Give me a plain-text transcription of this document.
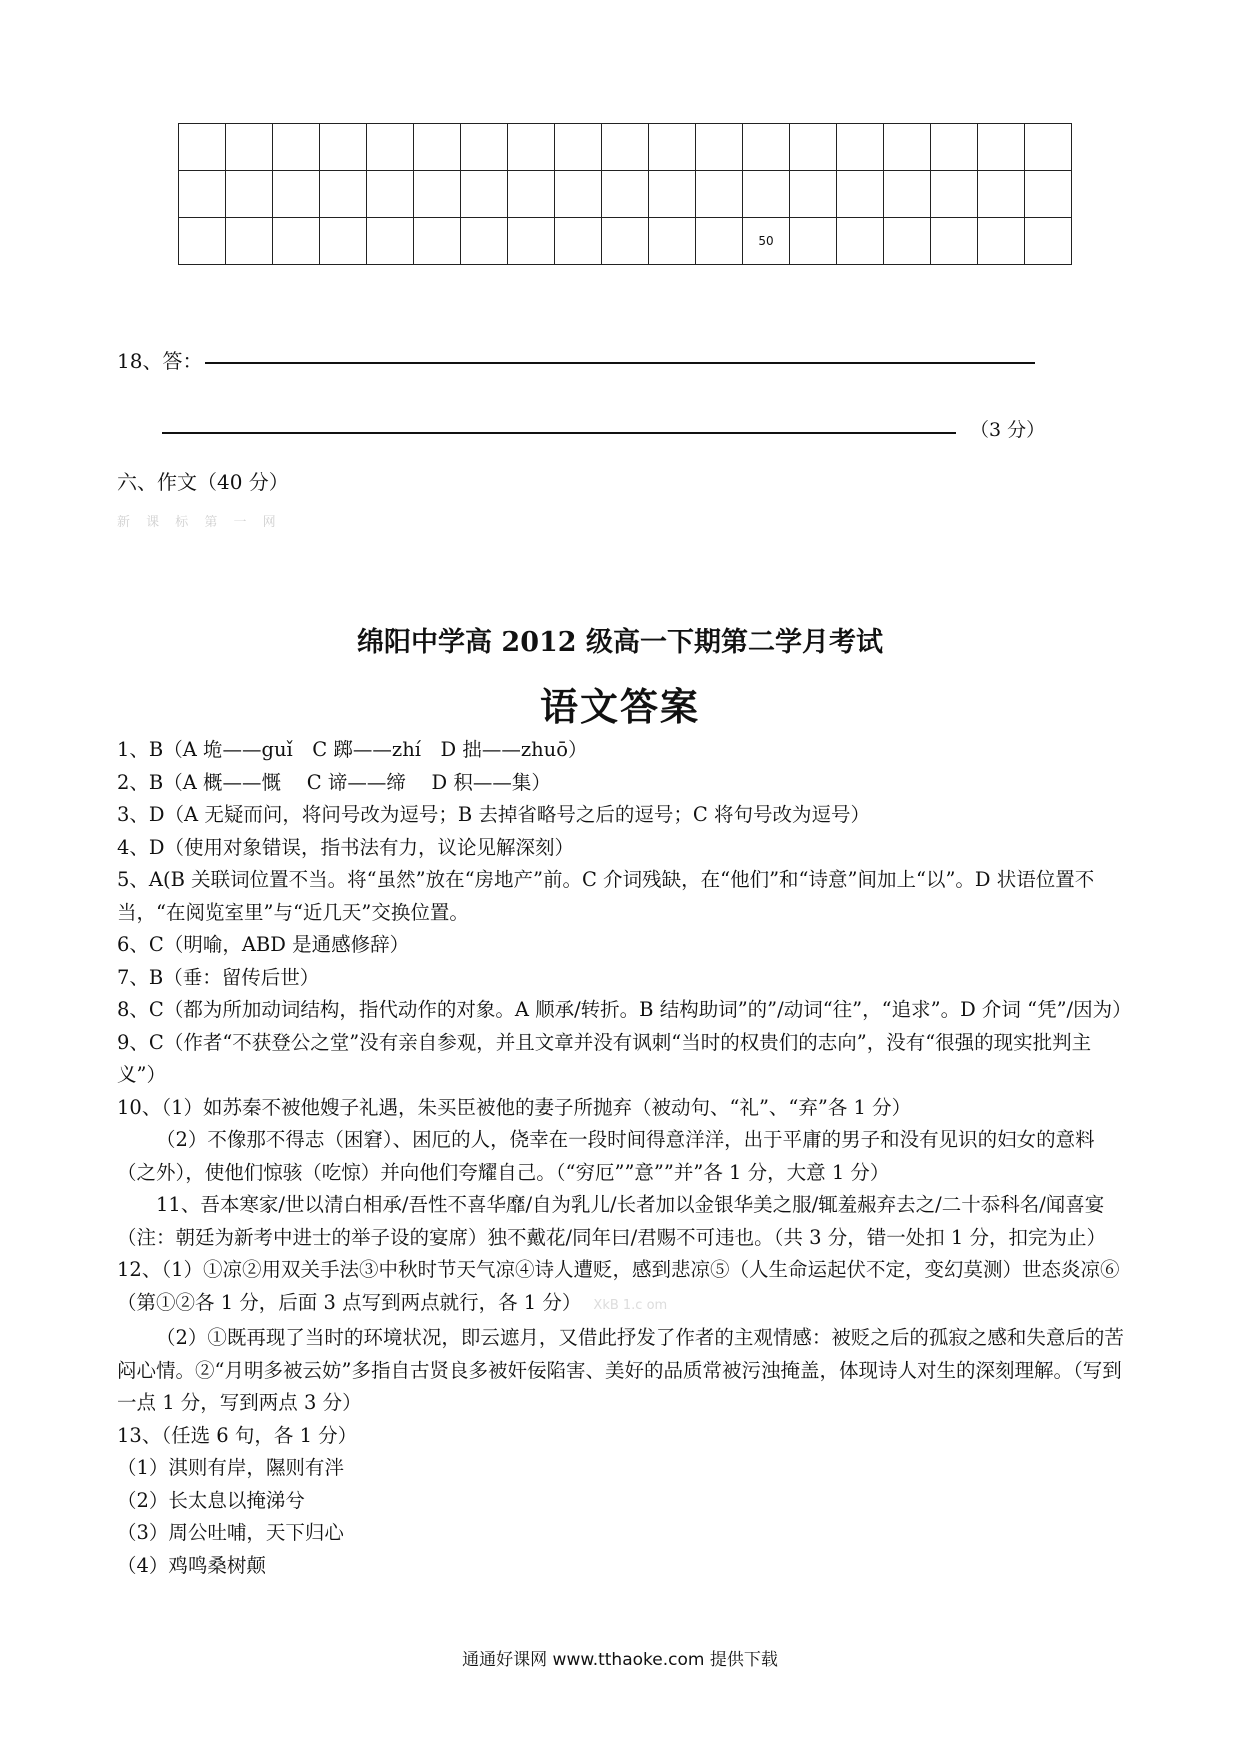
												50						
18、答：
（3 分）
六、作文（40 分）
新 课 标 第 一 网
绵阳中学高 2012 级高一下期第二学月考试
语文答案

1、B（A 垝——guǐ　C 踯——zhí　D 拙——zhuō）

2、B（A 概——慨　 C 谛——缔　 D 积——集）

3、D（A 无疑而问，将问号改为逗号；B 去掉省略号之后的逗号；C 将句号改为逗号）

4、D（使用对象错误，指书法有力，议论见解深刻）

5、A(B 关联词位置不当。将“虽然”放在“房地产”前。C 介词残缺，在“他们”和“诗意”间加上“以”。D 状语位置不当，“在阅览室里”与“近几天”交换位置。

6、C（明喻，ABD 是通感修辞）

7、B（垂：留传后世）

8、C（都为所加动词结构，指代动作的对象。A 顺承/转折。B 结构助词”的”/动词“往”，“追求”。D 介词 “凭”/因为）

9、C（作者“不获登公之堂”没有亲自参观，并且文章并没有讽刺“当时的权贵们的志向”，没有“很强的现实批判主义”）

10、（1）如苏秦不被他嫂子礼遇，朱买臣被他的妻子所抛弃（被动句、“礼”、“弃”各 1 分）

（2）不像那不得志（困窘）、困厄的人，侥幸在一段时间得意洋洋，出于平庸的男子和没有见识的妇女的意料（之外），使他们惊骇（吃惊）并向他们夸耀自己。（“穷厄””意””并”各 1 分，大意 1 分）

11、吾本寒家/世以清白相承/吾性不喜华靡/自为乳儿/长者加以金银华美之服/辄羞赧弃去之/二十忝科名/闻喜宴（注：朝廷为新考中进士的举子设的宴席）独不戴花/同年曰/君赐不可违也。（共 3 分，错一处扣 1 分，扣完为止）

12、（1）①凉②用双关手法③中秋时节天气凉④诗人遭贬，感到悲凉⑤（人生命运起伏不定，变幻莫测）世态炎凉⑥（第①②各 1 分，后面 3 点写到两点就行，各 1 分） XkB 1.c om

（2）①既再现了当时的环境状况，即云遮月，又借此抒发了作者的主观情感：被贬之后的孤寂之感和失意后的苦闷心情。②“月明多被云妨”多指自古贤良多被奸佞陷害、美好的品质常被污浊掩盖，体现诗人对生的深刻理解。（写到一点 1 分，写到两点 3 分）

13、（任选 6 句，各 1 分）

（1）淇则有岸，隰则有泮

（2）长太息以掩涕兮

（3）周公吐哺，天下归心

（4）鸡鸣桑树颠

通通好课网 www.tthaoke.com 提供下载
